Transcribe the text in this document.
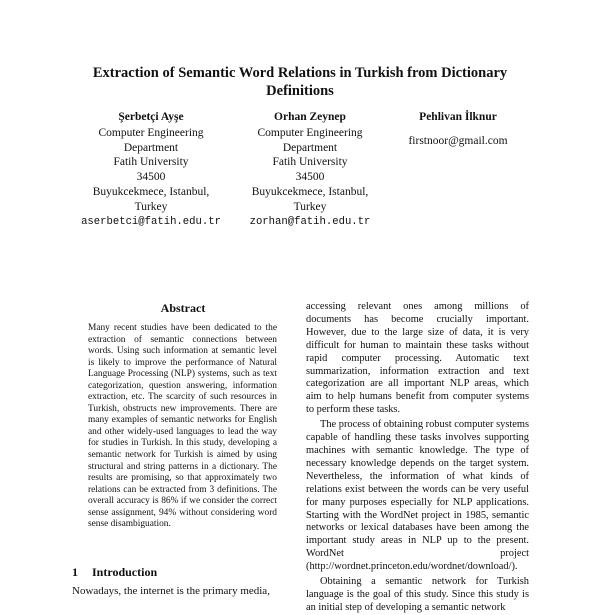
Extraction of Semantic Word Relations in Turkish from Dictionary Definitions
Şerbetçi Ayşe
Computer Engineering
Department
Fatih University
34500
Buyukcekmece, Istanbul,
Turkey
aserbetci@fatih.edu.tr
Orhan Zeynep
Computer Engineering
Department
Fatih University
34500
Buyukcekmece, Istanbul,
Turkey
zorhan@fatih.edu.tr
Pehlivan İlknur
firstnoor@gmail.com
Abstract
Many recent studies have been dedicated to the extraction of semantic connections between words. Using such information at semantic level is likely to improve the performance of Natural Language Processing (NLP) systems, such as text categorization, question answering, information extraction, etc. The scarcity of such resources in Turkish, obstructs new improvements. There are many examples of semantic networks for English and other widely-used languages to lead the way for studies in Turkish. In this study, developing a semantic network for Turkish is aimed by using structural and string patterns in a dictionary. The results are promising, so that approximately two relations can be extracted from 3 definitions. The overall accuracy is 86% if we consider the correct sense assignment, 94% without considering word sense disambiguation.
1 Introduction
Nowadays, the internet is the primary media,

accessing relevant ones among millions of documents has become crucially important. However, due to the large size of data, it is very difficult for human to maintain these tasks without rapid computer processing. Automatic text summarization, information extraction and text categorization are all important NLP areas, which aim to help humans benefit from computer systems to perform these tasks.

The process of obtaining robust computer systems capable of handling these tasks involves supporting machines with semantic knowledge. The type of necessary knowledge depends on the target system. Nevertheless, the information of what kinds of relations exist between the words can be very useful for many purposes especially for NLP applications. Starting with the WordNet project in 1985, semantic networks or lexical databases have been among the important study areas in NLP up to the present. WordNet project (http://wordnet.princeton.edu/wordnet/download/).

Obtaining a semantic network for Turkish language is the goal of this study. Since this study is an initial step of developing a semantic network
